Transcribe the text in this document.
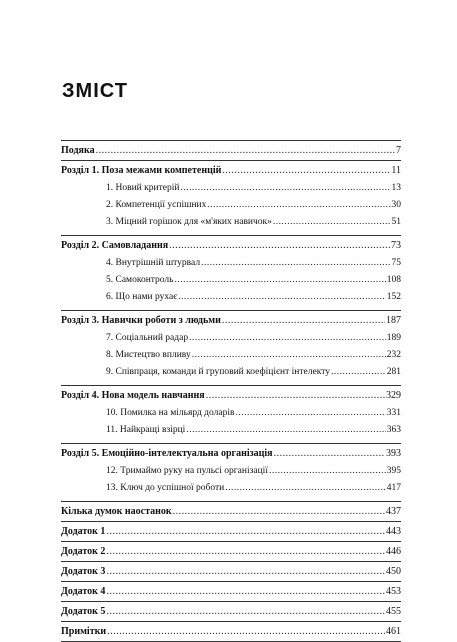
ЗМІСТ
Подяка .....	7
Розділ 1. Поза межами компетенцій .....	11
1. Новий критерій .....	13
2. Компетенції успішних .....	30
3. Міцний горішок для «м'яких навичок» .....	51
Розділ 2. Самовладання .....	73
4. Внутрішній штурвал .....	75
5. Самоконтроль .....	108
6. Що нами рухає .....	152
Розділ 3. Навички роботи з людьми .....	187
7. Соціальний радар .....	189
8. Мистецтво впливу .....	232
9. Співпраця, команди й груповий коефіцієнт інтелекту .....	281
Розділ 4. Нова модель навчання .....	329
10. Помилка на мільярд доларів .....	331
11. Найкращі взірці .....	363
Розділ 5. Емоційно-інтелектуальна організація .....	393
12. Тримаймо руку на пульсі організації .....	395
13. Ключ до успішної роботи .....	417
Кілька думок наостанок .....	437
Додаток 1 .....	443
Додаток 2 .....	446
Додаток 3 .....	450
Додаток 4 .....	453
Додаток 5 .....	455
Примітки .....	461
